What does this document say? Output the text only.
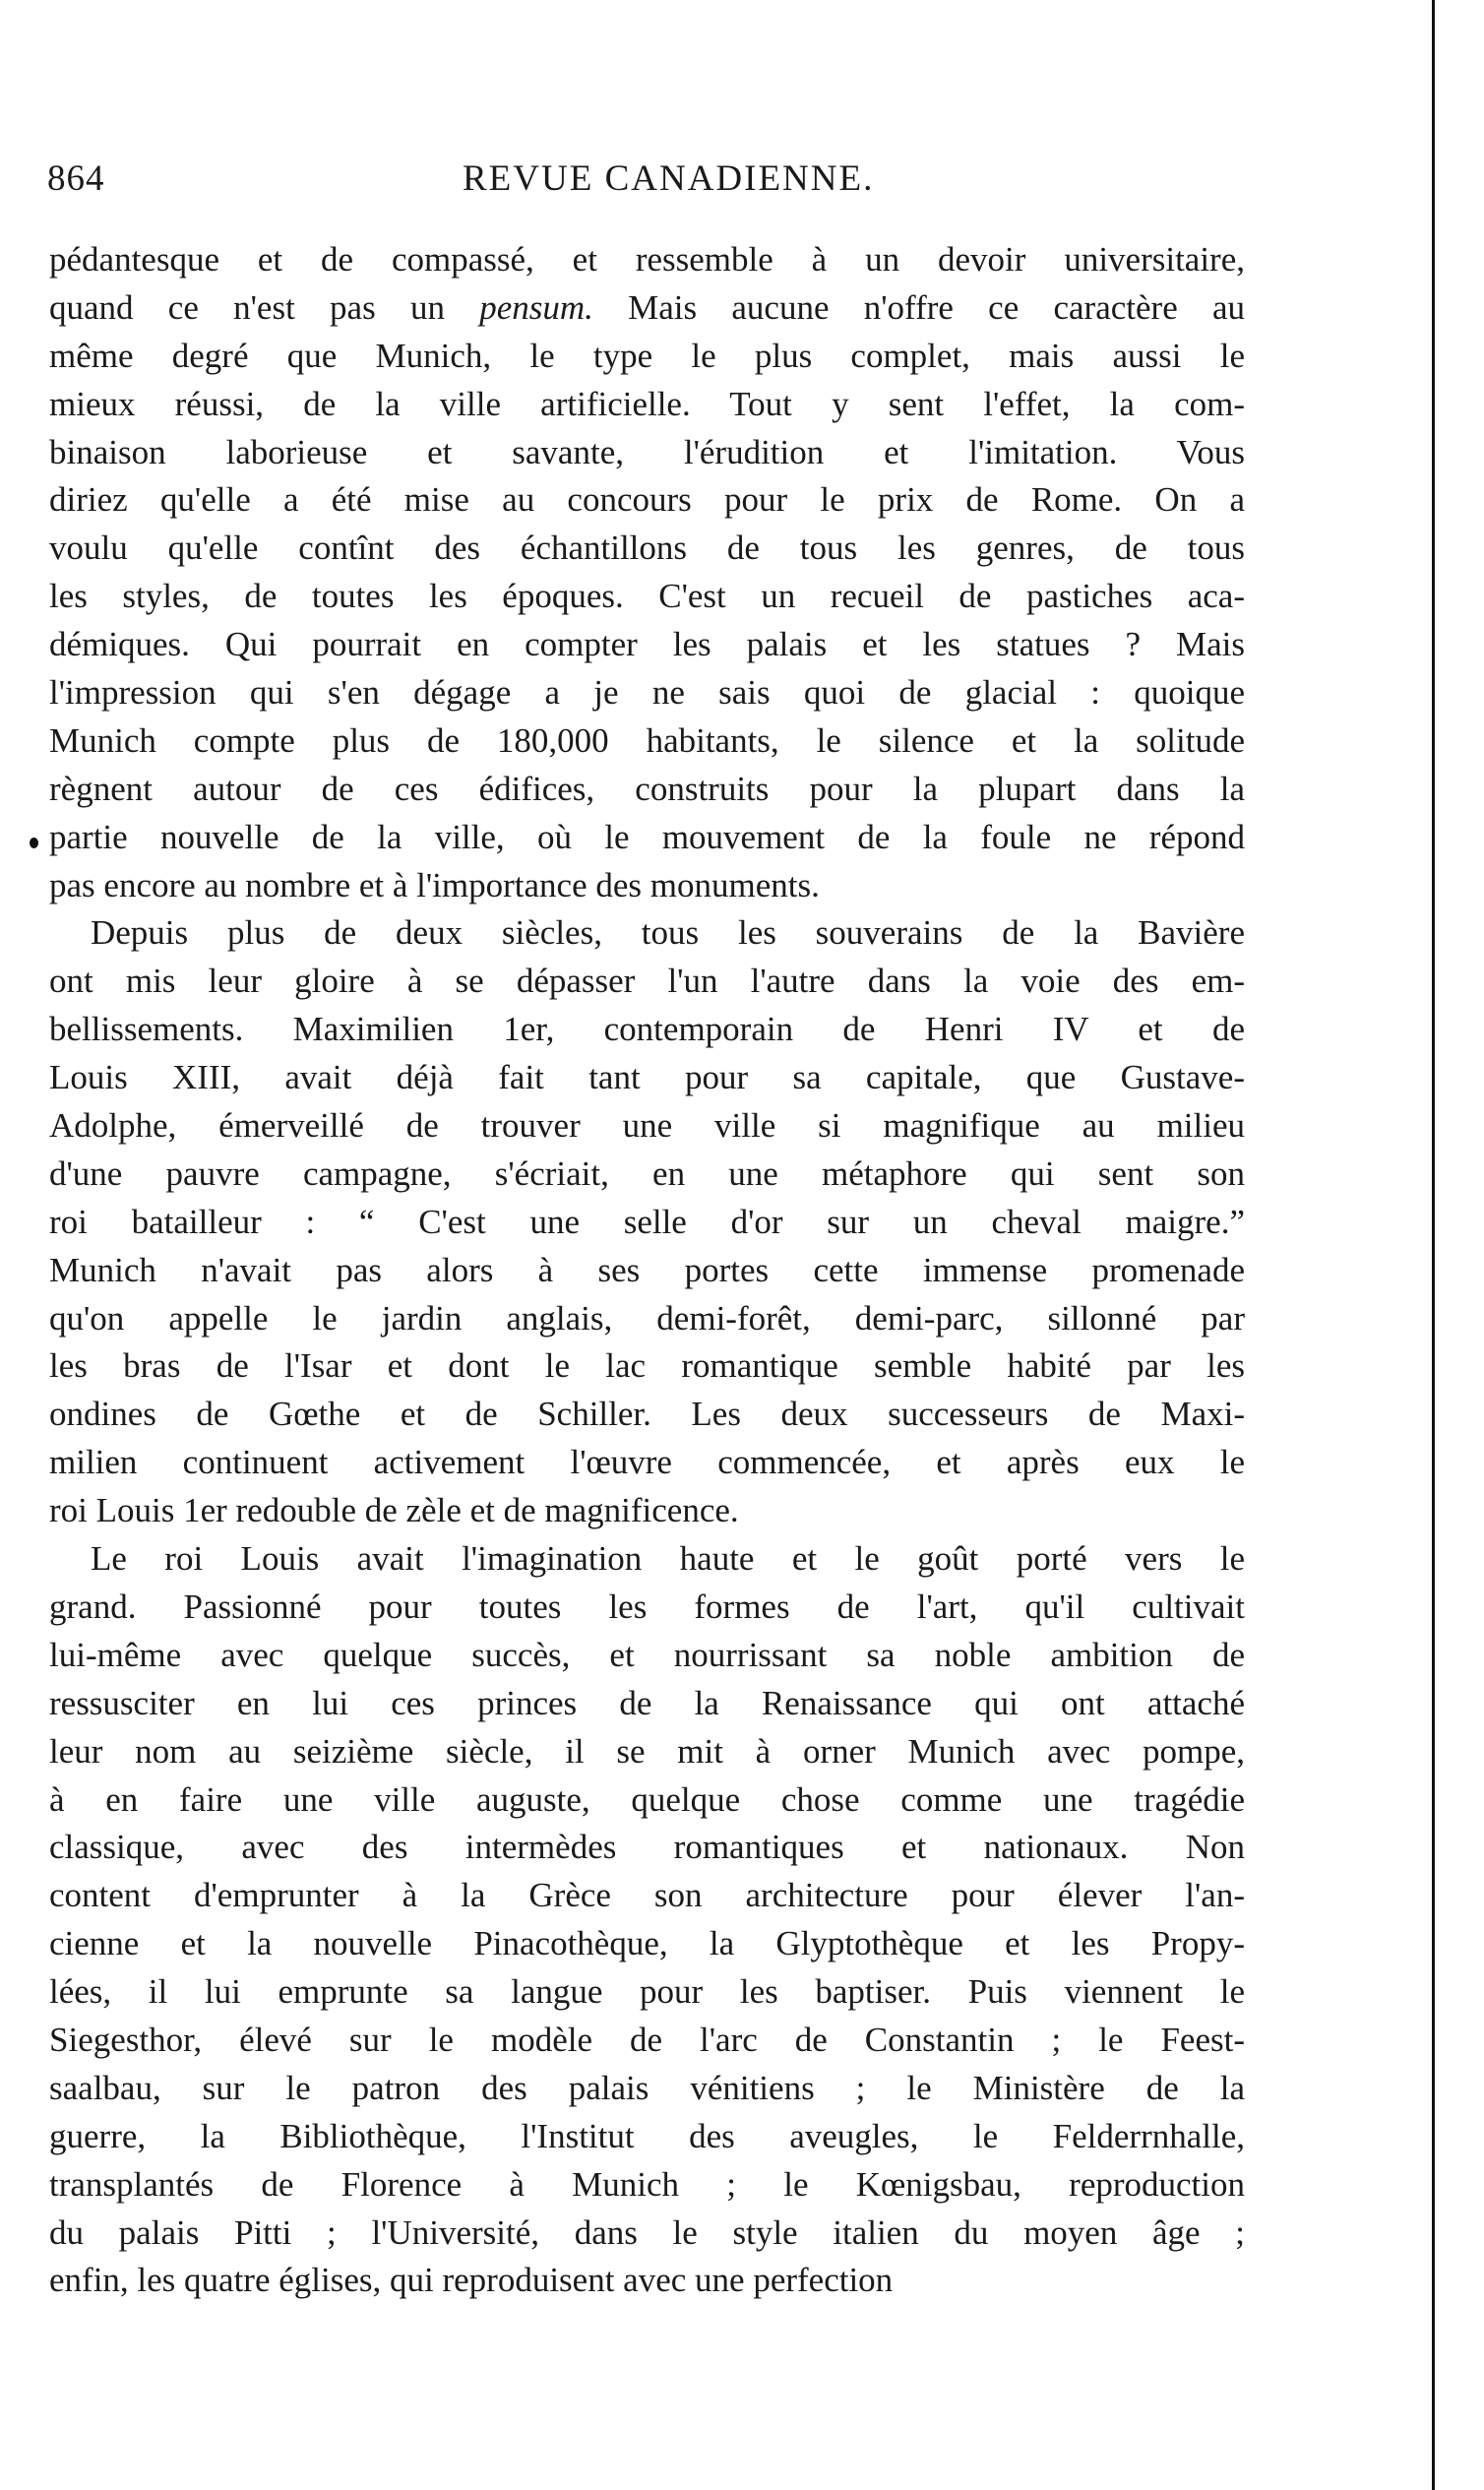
864	REVUE CANADIENNE.
pédantesque et de compassé, et ressemble à un devoir universitaire,
quand ce n'est pas un pensum. Mais aucune n'offre ce caractère au
même degré que Munich, le type le plus complet, mais aussi le
mieux réussi, de la ville artificielle. Tout y sent l'effet, la com-
binaison laborieuse et savante, l'érudition et l'imitation. Vous
diriez qu'elle a été mise au concours pour le prix de Rome. On a
voulu qu'elle contînt des échantillons de tous les genres, de tous
les styles, de toutes les époques. C'est un recueil de pastiches aca-
démiques. Qui pourrait en compter les palais et les statues ? Mais
l'impression qui s'en dégage a je ne sais quoi de glacial : quoique
Munich compte plus de 180,000 habitants, le silence et la solitude
règnent autour de ces édifices, construits pour la plupart dans la
partie nouvelle de la ville, où le mouvement de la foule ne répond
pas encore au nombre et à l'importance des monuments.
Depuis plus de deux siècles, tous les souverains de la Bavière
ont mis leur gloire à se dépasser l'un l'autre dans la voie des em-
bellissements. Maximilien 1er, contemporain de Henri IV et de
Louis XIII, avait déjà fait tant pour sa capitale, que Gustave-
Adolphe, émerveillé de trouver une ville si magnifique au milieu
d'une pauvre campagne, s'écriait, en une métaphore qui sent son
roi batailleur : “ C'est une selle d'or sur un cheval maigre.”
Munich n'avait pas alors à ses portes cette immense promenade
qu'on appelle le jardin anglais, demi-forêt, demi-parc, sillonné par
les bras de l'Isar et dont le lac romantique semble habité par les
ondines de Gœthe et de Schiller. Les deux successeurs de Maxi-
milien continuent activement l'œuvre commencée, et après eux le
roi Louis 1er redouble de zèle et de magnificence.
Le roi Louis avait l'imagination haute et le goût porté vers le
grand. Passionné pour toutes les formes de l'art, qu'il cultivait
lui-même avec quelque succès, et nourrissant sa noble ambition de
ressusciter en lui ces princes de la Renaissance qui ont attaché
leur nom au seizième siècle, il se mit à orner Munich avec pompe,
à en faire une ville auguste, quelque chose comme une tragédie
classique, avec des intermèdes romantiques et nationaux. Non
content d'emprunter à la Grèce son architecture pour élever l'an-
cienne et la nouvelle Pinacothèque, la Glyptothèque et les Propy-
lées, il lui emprunte sa langue pour les baptiser. Puis viennent le
Siegesthor, élevé sur le modèle de l'arc de Constantin ; le Feest-
saalbau, sur le patron des palais vénitiens ; le Ministère de la
guerre, la Bibliothèque, l'Institut des aveugles, le Felderrnhalle,
transplantés de Florence à Munich ; le Kœnigsbau, reproduction
du palais Pitti ; l'Université, dans le style italien du moyen âge ;
enfin, les quatre églises, qui reproduisent avec une perfection
